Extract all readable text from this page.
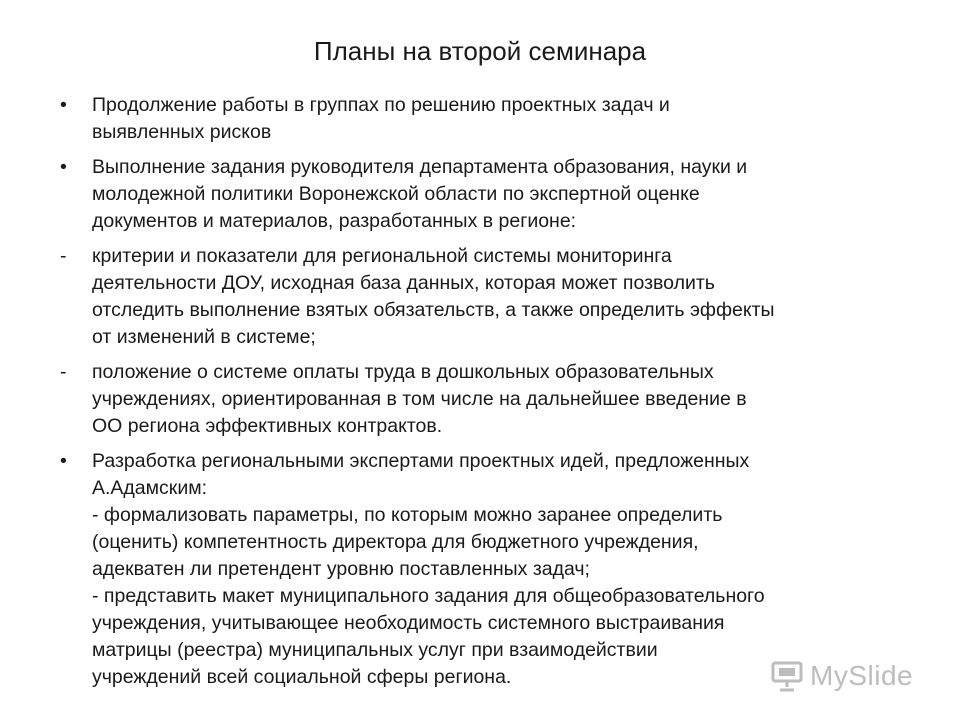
Планы на второй семинара
•	Продолжение работы в группах по решению проектных задач и
выявленных рисков
•	Выполнение задания руководителя департамента образования, науки и
молодежной политики Воронежской области по экспертной оценке
документов и материалов, разработанных в регионе:
-	критерии и показатели для региональной системы мониторинга
деятельности ДОУ, исходная база данных, которая может позволить
отследить выполнение взятых обязательств, а также определить эффекты
от изменений в системе;
-	положение о системе оплаты труда в дошкольных образовательных
учреждениях, ориентированная в том числе на дальнейшее введение в
ОО региона эффективных контрактов.
•	Разработка региональными экспертами проектных идей, предложенных
А.Адамским:
- формализовать параметры, по которым можно заранее определить
(оценить) компетентность директора для бюджетного учреждения,
адекватен ли претендент уровню поставленных задач;
- представить макет муниципального задания для общеобразовательного
учреждения, учитывающее необходимость системного выстраивания
матрицы (реестра) муниципальных услуг при взаимодействии
учреждений всей социальной сферы региона.	MySlide
